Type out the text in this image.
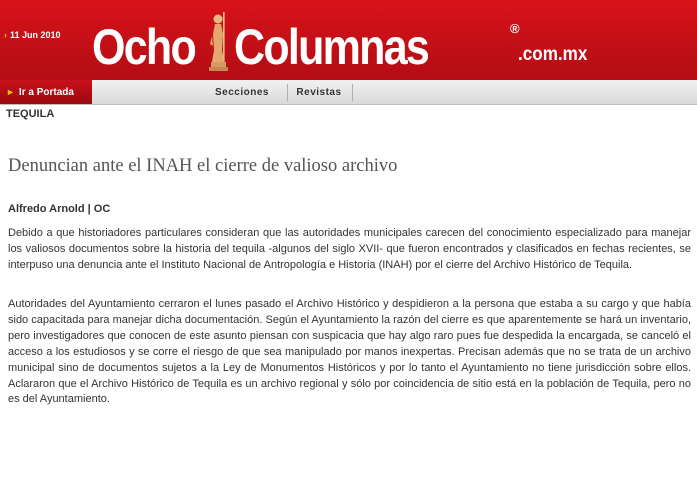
› 11 Jun 2010 Ocho Columnas	®
.com.mx
► Ir a Portada	Secciones	Revistas
TEQUILA
Denuncian ante el INAH el cierre de valioso archivo
Alfredo Arnold | OC

Debido a que historiadores particulares consideran que las autoridades municipales carecen del conocimiento especializado para manejar los valiosos documentos sobre la historia del tequila -algunos del siglo XVII- que fueron encontrados y clasificados en fechas recientes, se interpuso una denuncia ante el Instituto Nacional de Antropología e Historia (INAH) por el cierre del Archivo Histórico de Tequila.

Autoridades del Ayuntamiento cerraron el lunes pasado el Archivo Histórico y despidieron a la persona que estaba a su cargo y que había sido capacitada para manejar dicha documentación. Según el Ayuntamiento la razón del cierre es que aparentemente se hará un inventario, pero investigadores que conocen de este asunto piensan con suspicacia que hay algo raro pues fue despedida la encargada, se canceló el acceso a los estudiosos y se corre el riesgo de que sea manipulado por manos inexpertas. Precisan además que no se trata de un archivo municipal sino de documentos sujetos a la Ley de Monumentos Históricos y por lo tanto el Ayuntamiento no tiene jurisdicción sobre ellos. Aclararon que el Archivo Histórico de Tequila es un archivo regional y sólo por coincidencia de sitio está en la población de Tequila, pero no es del Ayuntamiento.
